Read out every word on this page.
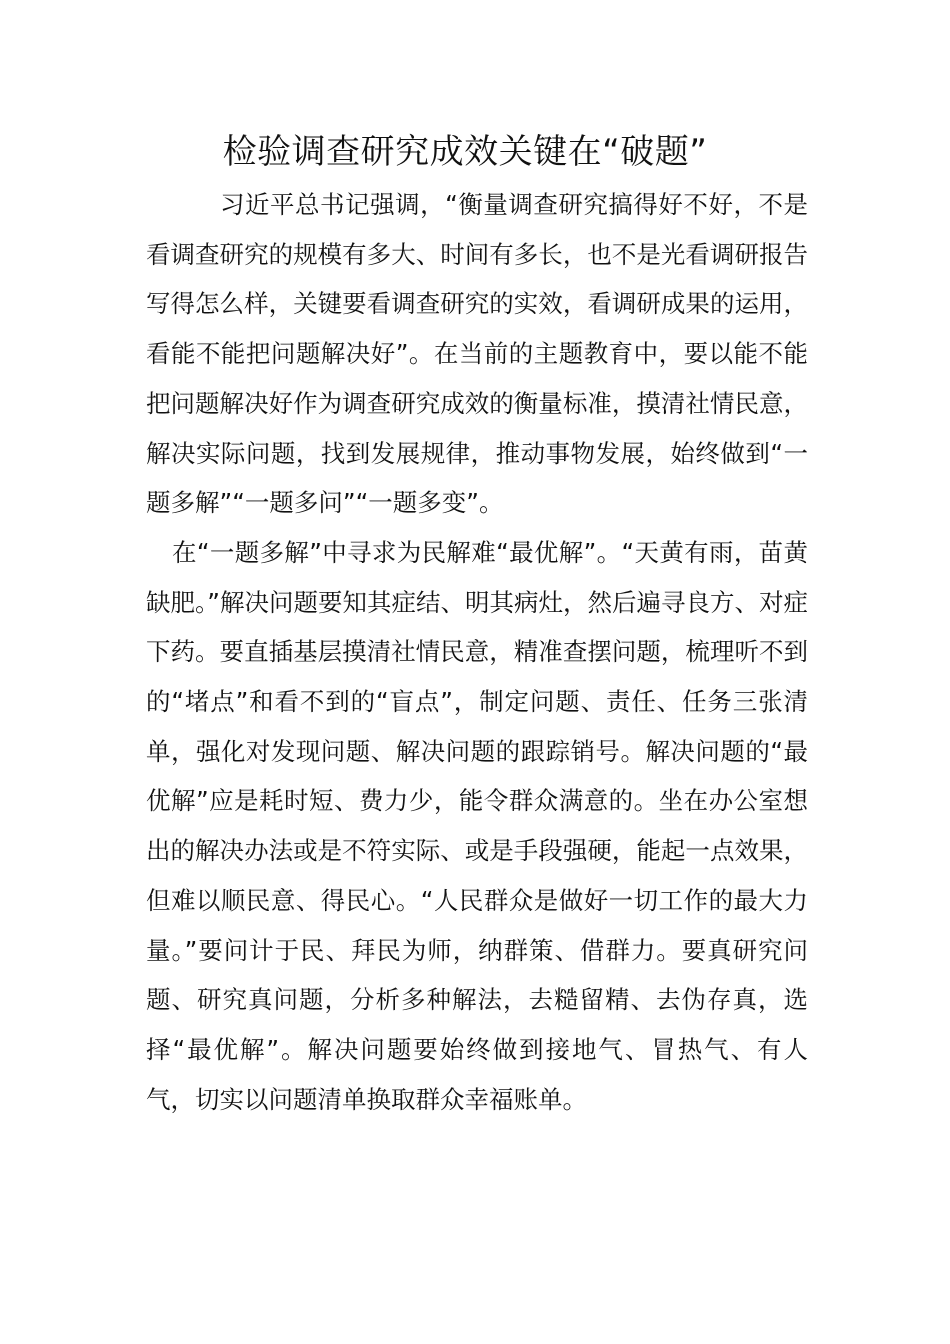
检验调查研究成效关键在“破题”

习近平总书记强调，“衡量调查研究搞得好不好，不是看调查研究的规模有多大、时间有多长，也不是光看调研报告写得怎么样，关键要看调查研究的实效，看调研成果的运用，看能不能把问题解决好”。在当前的主题教育中，要以能不能把问题解决好作为调查研究成效的衡量标准，摸清社情民意，解决实际问题，找到发展规律，推动事物发展，始终做到“一题多解”“一题多问”“一题多变”。

在“一题多解”中寻求为民解难“最优解”。“天黄有雨，苗黄缺肥。”解决问题要知其症结、明其病灶，然后遍寻良方、对症下药。要直插基层摸清社情民意，精准查摆问题，梳理听不到的“堵点”和看不到的“盲点”，制定问题、责任、任务三张清单，强化对发现问题、解决问题的跟踪销号。解决问题的“最优解”应是耗时短、费力少，能令群众满意的。坐在办公室想出的解决办法或是不符实际、或是手段强硬，能起一点效果，但难以顺民意、得民心。“人民群众是做好一切工作的最大力量。”要问计于民、拜民为师，纳群策、借群力。要真研究问题、研究真问题，分析多种解法，去糙留精、去伪存真，选择“最优解”。解决问题要始终做到接地气、冒热气、有人气，切实以问题清单换取群众幸福账单。
